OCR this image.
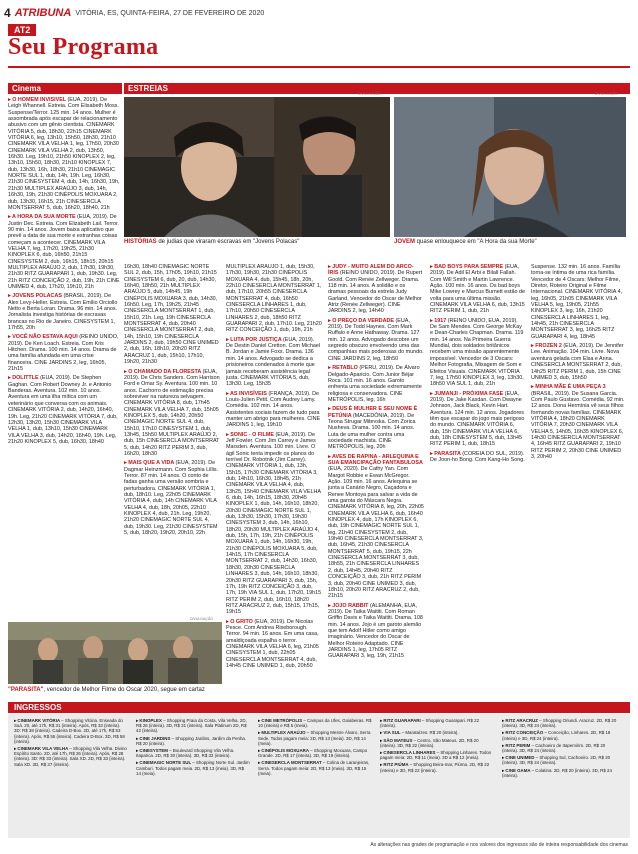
4 ATRIBUNA VITÓRIA, ES, QUINTA-FEIRA, 27 DE FEVEREIRO DE 2020
AT2
Seu Programa
Cinema	ESTREIAS

▸ O HOMEM INVISÍVEL (EUA, 2019). De Leigh Whannell. Estreia. Com Elisabeth Moss. Suspense/Terror. 125 min. 14 anos. Mulher é assombrada após escapar de relacionamento abusivo com um gênio cientista. CINEMARK VITÓRIA 5, dub, 18h30, 22h15 CINEMARK VITÓRIA 6, leg, 13h10, 15h50, 18h30, 21h10 CINEMARK VILA VELHA 1, leg, 17h50, 20h30 CINEMARK VILA VELHA 2, dub, 13h50, 16h30. Leg, 19h10, 21h50 KINOPLEX 2, leg, 13h10, 15h50, 18h30, 21h10 KINOPLEX 7, dub, 13h30, 16h, 18h30, 21h10 CINEMAGIC NORTE SUL 1, dub, 14h, 19h. Leg, 16h30, 21h30 CINESYSTEM 4, dub, 14h, 16h30, 19h, 21h30 MULTIPLEX ARAÚJO 3, dub, 14h, 16h30, 19h, 21h30 CINÉPOLIS MOXUARA 2, dub, 13h30, 16h15, 21h CINESERCLA MONTSERRAT 5, dub, 16h20, 18h40, 21h

▸ A HORA DA SUA MORTE (EUA, 2019). De Justin Dec. Estreia. Com Elizabeth Lail. Terror. 90 min. 14 anos. Jovem baixa aplicativo que prevê a data de sua morte e estranhas coisas começam a acontecer. CINEMARK VILA VELHA 7, leg, 17h20, 19h25, 21h30 KINOPLEX 6, dub, 16h50, 21h15 CINESYSTEM 2, dub, 16h15, 18h15, 20h15 MULTIPLEX ARAÚJO 2, dub, 17h30, 19h30, 21h30 RITZ GUARAPARI 1, dub, 19h30. Leg, 21h RITZ CONCEIÇÃO 2, dub, 19h, 21h CINE UNIMED 4, dub, 17h20, 19h10, 21h

▸ JOVENS POLACAS (BRASIL, 2019). De Alex Levy-Heller. Estreia. Com Emílio Orciollo Netto e Berta Loran. Drama. 96 min. 14 anos. Jornalista investiga histórias de escravas brancas no Rio de Janeiro. CINESYSTEM 1, 17h55, 20h

▸ VOCÊ NÃO ESTAVA AQUI (REINO UNIDO, 2019). De Ken Loach. Estreia. Com Kris Hitchen. Drama. 100 min. 14 anos. Drama de uma família afundada em uma crise financeira. CINE JARDINS 2, leg, 16h05, 21h15

▸ DOLITTLE (EUA, 2019). De Stephen Gaghan. Com Robert Downey Jr. e Antonio Banderas. Aventura. 102 min. 10 anos. Aventura em uma ilha mítica com um veterinário que conversa com os animais. CINEMARK VITÓRIA 2, dub, 14h20, 16h40, 19h. Leg, 21h20 CINEMARK VITÓRIA 7, dub, 12h30, 13h20, 15h30 CINEMARK VILA VELHA 1, dub, 13h10, 15h30 CINEMARK VILA VELHA 3, dub, 14h20, 16h40, 19h. Leg, 21h20 KINOPLEX 5, dub, 16h30, 18h40

DIVULGAÇÃO	DIVULGAÇÃO
HISTÓRIAS de judias que viraram escravas em "Jovens Polacas"	JOVEM quase enlouquece em "A Hora da sua Morte"

16h30, 18h40 CINEMAGIC NORTE SUL 2, dub, 15h, 17h05, 19h10, 21h15 CINESYSTEM 6, dub, 20, dub, 14h30, 16h40, 18h50, 21h MULTIPLEX ARAÚJO 5, dub, 14h45, 19h CINÉPOLIS MOXUARA 3, dub, 14h30, 16h50. Leg, 17h, 19h25, 21h45 CINESERCLA MONTSERRAT 1, dub, 15h10, 21h. Leg, 19h CINESERCLA MONTSERRAT 4, dub, 20h40 CINESERCLA MONTSERRAT 2, dub, 14h, 15h10, 19h CINESERCLA JARDINS 2, dub, 19h50 CINE UNIMED 2, dub, 16h, 18h10, 20h20 RITZ ARACRUZ 1, dub, 15h10, 17h10, 19h20, 21h30

▸ O CHAMADO DA FLORESTA (EUA, 2019). De Chris Sanders. Com Harrison Ford e Omar Sy. Aventura. 100 min. 10 anos. Cachorro de estimação precisa sobreviver na natureza selvagem. CINEMARK VITÓRIA 8, dub, 17h45 CINEMARK VILA VELHA 7, dub, 15h05 KINOPLEX 5, dub, 14h20, 20h50 CINEMAGIC NORTE SUL 4, dub, 15h10, 17h10 CINESYSTEM 1, dub, 13h45, 15h50 MULTIPLEX ARAÚJO 2, dub, 15h CINESERCLA MONTSERRAT 5, dub, 14h20 RITZ PERIM 3, dub, 16h20, 18h30

▸ MAIS QUE A VIDA (EUA, 2019). De Dagmar Heinzmann. Com Sophia Lillis. Terror. 87 min. 14 anos. O conto de fadas ganha uma versão sombria e perturbadora. CINEMARK VITÓRIA 1, dub, 18h10. Leg, 22h05 CINEMARK VITÓRIA 4, dub, 14h CINEMARK VILA VELHA 4, dub, 18h, 20h05, 22h10 KINOPLEX 4, dub, 21h. Leg, 19h20, 21h20 CINEMAGIC NORTE SUL 4, dub, 19h30. Leg, 21h30 CINESYSTEM 5, dub, 18h20, 19h20, 20h10, 22h

MULTIPLEX ARAÚJO 1, dub, 15h30, 17h30, 19h30, 21h30 CINÉPOLIS MOXUARA 4, dub, 15h45, 18h, 20h, 22h10 CINESERCLA MONTSERRAT 1, dub, 17h10, 20h55 CINESERCLA MONTSERRAT 4, dub, 16h50 CINESERCLA LINHARES 1, dub, 17h10, 20h50 CINESERCLA LINHARES 2, dub, 18h50 RITZ GUARAPARI 2, dub, 17h10. Leg, 21h20 RITZ CONCEIÇÃO 1, dub, 19h, 21h

▸ LUTA POR JUSTIÇA (EUA, 2019). De Destin Daniel Cretton. Com Michael B. Jordan e Jamie Foxx. Drama. 136 min. 14 anos. Advogado se dedica a prisioneiros condenados à morte que jamais receberam assistência legal justa. CINEMARK VITÓRIA 5, dub, 13h30. Leg, 15h35

▸ AS INVISÍVEIS (FRANÇA, 2019). De Louis-Julien Petit. Com Audrey Lamy. Comédia. 102 min. 14 anos. Assistentes sociais fazem de tudo para manter um abrigo para mulheres. CINE JARDINS 1, leg, 19h10

▸ SONIC - O FILME (EUA, 2019). De Jeff Fowler. Com Jim Carrey e James Marsden. Aventura. 100 min. Livre. O ágil Sonic tenta impedir os planos do terrível Dr. Robotnik (Jim Carrey). CINEMARK VITÓRIA 1, dub, 13h, 15h15, 17h30 CINEMARK VITÓRIA 3, dub, 14h10, 16h30, 18h45, 21h CINEMARK VILA VELHA 4, dub, 13h25, 15h40 CINEMARK VILA VELHA 6, dub, 14h, 16h15, 18h30, 20h45 KINOPLEX 1, dub, 14h, 16h10, 18h20, 20h30 CINEMAGIC NORTE SUL 1, dub, 13h30, 15h30, 17h30, 19h30 CINESYSTEM 3, dub, 14h, 16h10, 18h20, 20h30 MULTIPLEX ARAÚJO 4, dub, 15h, 17h, 19h, 21h CINÉPOLIS MOXUARA 1, dub, 14h, 16h30, 19h, 21h30 CINÉPOLIS MOXUARA 5, dub, 14h15, 17h CINESERCLA MONTSERRAT 2, dub, 14h30, 16h30, 18h30, 20h30 CINESERCLA LINHARES 3, dub, 14h, 16h10, 18h30, 20h30 RITZ GUARAPARI 3, dub, 15h, 17h, 19h RITZ CONCEIÇÃO 3, dub, 17h, 19h VIA SUL 1, dub, 17h20, 19h15 RITZ PERIM 2, dub, 16h10, 18h20 RITZ ARACRUZ 2, dub, 15h15, 17h15, 19h15

▸ O GRITO (EUA, 2019). De Nicolas Pesce. Com Andrea Riseborough. Terror. 94 min. 16 anos. Em uma casa, amaldiçoada espalha o terror. CINEMARK VILA VELHA 6, leg, 21h05 CINESYSTEM 1, dub, 22h05 CINESERCLA MONTSERRAT 4, dub, 14h45 CINE UNIMED 1, dub, 20h50

▸ JUDY - MUITO ALÉM DO ARCO-ÍRIS (REINO UNIDO, 2019). De Rupert Goold. Com Renée Zellweger. Drama. 118 min. 14 anos. A solidão e os dramas pessoais da estrela Judy Garland. Vencedor do Oscar de Melhor Atriz (Renée Zellweger). CINE JARDINS 2, leg, 14h40

▸ O PREÇO DA VERDADE (EUA, 2019). De Todd Haynes. Com Mark Ruffalo e Anne Hathaway. Drama. 127 min. 12 anos. Advogado descobre um segredo obscuro envolvendo uma das companhias mais poderosas do mundo. CINE JARDINS 2, leg, 18h50

▸ RETABLO (PERU, 2019). De Álvaro Delgado-Aparicio. Com Junior Béjar Roca. 101 min. 16 anos. Garoto enfrenta uma sociedade extremamente religiosa e conservadora. CINE METRÓPOLIS, leg, 16h

▸ DEUS É MULHER E SEU NOME É PETÚNIA (MACEDÔNIA, 2019). De Teona Strugar Mitevska. Com Zorica Nusheva. Drama. 100 min. 14 anos. Luta de uma mulher contra uma sociedade machista. CINE METRÓPOLIS, leg, 20h

▸ AVES DE RAPINA - ARLEQUINA E SUA EMANCIPAÇÃO FANTABULOSA (EUA, 2020). De Cathy Yan. Com Margot Robbie e Ewan McGregor. Ação. 109 min. 16 anos. Arlequina se junta a Canário Negro, Caçadora e Renee Montoya para salvar a vida de uma garota do Máscara Negra. CINEMARK VITÓRIA 8, leg, 20h, 22h05 CINEMARK VILA VELHA 6, dub, 16h40 KINOPLEX 4, dub, 17h KINOPLEX 6, dub, 19h CINEMAGIC NORTE SUL 1, leg, 21h40 CINESYSTEM 2, dub, 19h40 CINESERCLA MONTSERRAT 3, dub, 16h45, 21h30 CINESERCLA MONTSERRAT 5, dub, 19h15, 22h CINESERCLA MONTSERRAT 3, dub, 18h55, 21h CINESERCLA LINHARES 2, dub, 14h45, 20h40 RITZ CONCEIÇÃO 3, dub, 21h RITZ PERIM 3, dub, 20h40 CINE UNIMED 3, dub, 18h10, 20h20 RITZ ARACRUZ 2, dub, 21h15

▸ JOJO RABBIT (ALEMANHA, EUA, 2019). De Taika Waititi. Com Roman Griffin Davis e Taika Waititi. Drama. 108 min. 14 anos. Jojo é um garoto alemão que tem Adolf Hitler como amigo imaginário. Vencedor do Oscar de Melhor Roteiro Adaptado. CINE JARDINS 1, leg, 17h05 RITZ GUARAPARI 3, leg, 19h, 21h15

▸ BAD BOYS PARA SEMPRE (EUA, 2019). De Adil El Arbi e Bilall Fallah. Com Will Smith e Martin Lawrence. Ação. 100 min. 16 anos. Os bad boys Mike Lowrey e Marcus Burnett estão de volta para uma última missão. CINEMARK VILA VELHA 6, dub, 13h15 RITZ PERIM 1, dub, 21h

▸ 1917 (REINO UNIDO, EUA, 2019). De Sam Mendes. Com George McKay e Dean-Charles Chapman. Drama. 119 min. 14 anos. Na Primeira Guerra Mundial, dois soldados britânicos recebem uma missão aparentemente impossível. Vencedor de 3 Oscars: Melhor Fotografia, Mixagem de Som e Efeitos Visuais. CINEMARK VITÓRIA 7, leg, 17h50 KINOPLEX 3, leg, 13h30, 18h50 VIA SUL 1, dub, 21h

▸ JUMANJI - PRÓXIMA FASE (EUA, 2019). De Jake Kasdan. Com Dwayne Johnson, Jack Black, Kevin Hart. Aventura. 124 min. 12 anos. Jogadores têm que escapar do jogo mais perigoso do mundo. CINEMARK VITÓRIA 6, dub, 15h CINEMARK VILA VELHA 6, dub, 18h CINESYSTEM 5, dub, 13h45 RITZ PERIM 1, dub, 18h15

▸ PARASITA (COREIA DO SUL, 2019). De Joon-ho Bong. Com Kang-Ho Song. Suspense. 132 min. 16 anos. Família torna-se íntima de uma rica família. Vencedor de 4 Oscars: Melhor Filme, Diretor, Roteiro Original e Filme Internacional. CINEMARK VITÓRIA 4, leg, 16h05, 21h05 CINEMARK VILA VELHA 5, leg, 19h05, 21h55 KINOPLEX 3, leg, 16h, 21h20 CINESERCLA LINHARES 1, leg, 14h45, 21h CINESERCLA MONTSERRAT 3, leg, 16h25 RITZ GUARAPARI 4, leg, 18h45

▸ FROZEN 2 (EUA, 2019). De Jennifer Lee. Animação. 104 min. Livre. Nova aventura gelada com Elsa e Anna. CINESERCLA MONTSERRAT 2, dub, 14h25 RITZ PERIM 1, dub, 15h CINE UNIMED 3, dub, 15h50

▸ MINHA MÃE É UMA PEÇA 3 (BRASIL, 2019). De Susana Garcia. Com Paulo Gustavo. Comédia. 92 min. 12 anos. Dona Hermínia vê seus filhos formando novas famílias. CINEMARK VITÓRIA 4, 18h20 CINEMARK VITÓRIA 7, 20h30 CINEMARK VILA VELHA 5, 14h05, 16h35 KINOPLEX 6, 14h30 CINESERCLA MONTSERRAT 4, 16h45 RITZ GUARAPARI 2, 19h10 RITZ PERIM 2, 20h30 CINE UNIMED 3, 20h40

DIVULGAÇÃO
"PARASITA", vencedor de Melhor Filme do Oscar 2020, segue em cartaz
INGRESSOS

▸ CINEMARK VITÓRIA – Shopping Vitória. Enseada do Suá. 20, até 17h, R$ 31 (inteira). Após, R$ 33 (inteira). 3D: R$ 38 (inteira). Cadeira D-Box. 2D, até 17h, R$ 53 (inteira). Após, R$ 55 (inteira). Cadeira D-Box. 3D, R$ 58 (inteira).

▸ CINEMARK VILA VELHA – Shopping Vila Velha. Divino Espírito Santo. 2D, até 17h, R$ 26 (inteira). Após, R$ 28 (inteira). 3D: R$ 33 (inteira). Sala XD. 2D, R$ 33 (inteira). Sala XD. 3D, R$ 37 (inteira).

▸ KINOPLEX – Shopping Praia da Costa, Vila Velha. 2D, R$ 26 (inteira). 3D, R$ 31 (inteira). Sala Platinum 2D, R$ 42 (inteira).

▸ CINE JARDINS – Shopping Jardins, Jardim da Penha. R$ 20 (inteira).

▸ CINESYSTEM – Boulevard Shopping Vila Velha. Itaparica. 2D, R$ 30 (inteira). 3D, R$ 33 (inteira).

▸ CINEMAGIC NORTE SUL – Shopping Norte Sul. Jardim Camburi. Todos pagam meia. 2D, R$ 13 (meia). 3D, R$ 14 (meia).

▸ CINE METRÓPOLIS – Campus da Ufes, Goiabeiras. R$ 10 (inteira) e R$ 5 (meia).

▸ MULTIPLEX ARAÚJO – Shopping Mestre Álvaro, Serra Sede. Todos pagam meia: 2D, R$ 13 (meia). 3D, R$ 14 (meia).

▸ CINÉPOLIS MOXUARA – Shopping Moxuara, Campo Grande. 2D, R$ 17 (inteira). 3D, R$ 19 (inteira).

▸ CINESERCLA MONTSERRAT – Colina de Laranjeiras, Serra. Todos pagam meia: 2D, R$ 13 (meia). 3D, R$ 15 (meia).

▸ RITZ GUARAPARI – Shopping Guarapari. R$ 22 (inteira).

▸ VIA SUL – Marataízes. R$ 20 (inteira).

▸ SÃO MATEUS – Centro, São Mateus. 2D, R$ 20 (inteira). 3D, R$ 22 (inteira).

▸ CINESERCLA LINHARES – Shopping Linhares. Todos pagam meia: 2D, R$ 11 (meia). 3D a R$ 12 (meia).

▸ RITZ PIÚMA – Shopping Beira-mar, Piúma. 2D, R$ 22 (inteira) e 3D, R$ 22 (inteira).

▸ RITZ ARACRUZ – Shopping Oriundi. Aracruz. 2D, R$ 20 (inteira). 3D, R$ 24 (inteira).

▸ RITZ CONCEIÇÃO – Conceição, Linhares. 2D, R$ 18 (inteira) e 3D, R$ 24 (inteira).

▸ RITZ PERIM – Cachoeiro de Itapemirim. 2D, R$ 20 (inteira). 3D, R$ 24 (inteira).

▸ CINE UNIMED – Shopping Sul, Cachoeiro. 2D, R$ 20 (inteira). 3D, R$ 24 (inteira).

▸ CINE GAMA – Colatina. 2D, R$ 20 (inteira). 3D, R$ 24 (inteira).

As alterações nas grades de programação e nos valores dos ingressos são de inteira responsabilidade dos cinemas
